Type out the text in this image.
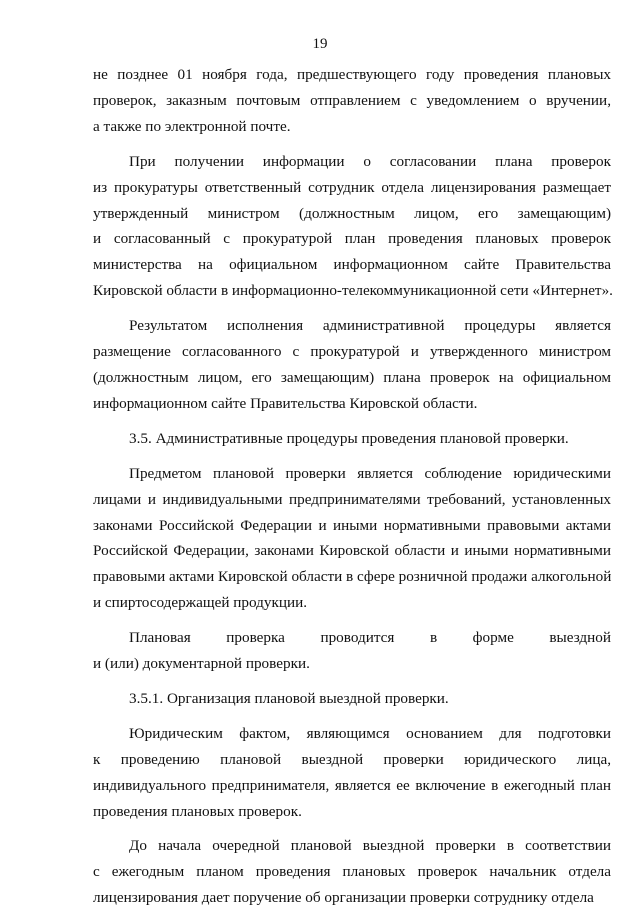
19

не позднее 01 ноября года, предшествующего году проведения плановых
проверок, заказным почтовым отправлением с уведомлением о вручении,
а также по электронной почте.

При получении информации о согласовании плана проверок
из прокуратуры ответственный сотрудник отдела лицензирования размещает
утвержденный министром (должностным лицом, его замещающим)
и согласованный с прокуратурой план проведения плановых проверок
министерства на официальном информационном сайте Правительства
Кировской области в информационно-телекоммуникационной сети «Интернет».

Результатом исполнения административной процедуры является
размещение согласованного с прокуратурой и утвержденного министром
(должностным лицом, его замещающим) плана проверок на официальном
информационном сайте Правительства Кировской области.

3.5. Административные процедуры проведения плановой проверки.

Предметом плановой проверки является соблюдение юридическими
лицами и индивидуальными предпринимателями требований, установленных
законами Российской Федерации и иными нормативными правовыми актами
Российской Федерации, законами Кировской области и иными нормативными
правовыми актами Кировской области в сфере розничной продажи алкогольной
и спиртосодержащей продукции.

Плановая проверка проводится в форме выездной
и (или) документарной проверки.

3.5.1. Организация плановой выездной проверки.

Юридическим фактом, являющимся основанием для подготовки
к проведению плановой выездной проверки юридического лица,
индивидуального предпринимателя, является ее включение в ежегодный план
проведения плановых проверок.

До начала очередной плановой выездной проверки в соответствии
с ежегодным планом проведения плановых проверок начальник отдела
лицензирования дает поручение об организации проверки сотруднику отдела
